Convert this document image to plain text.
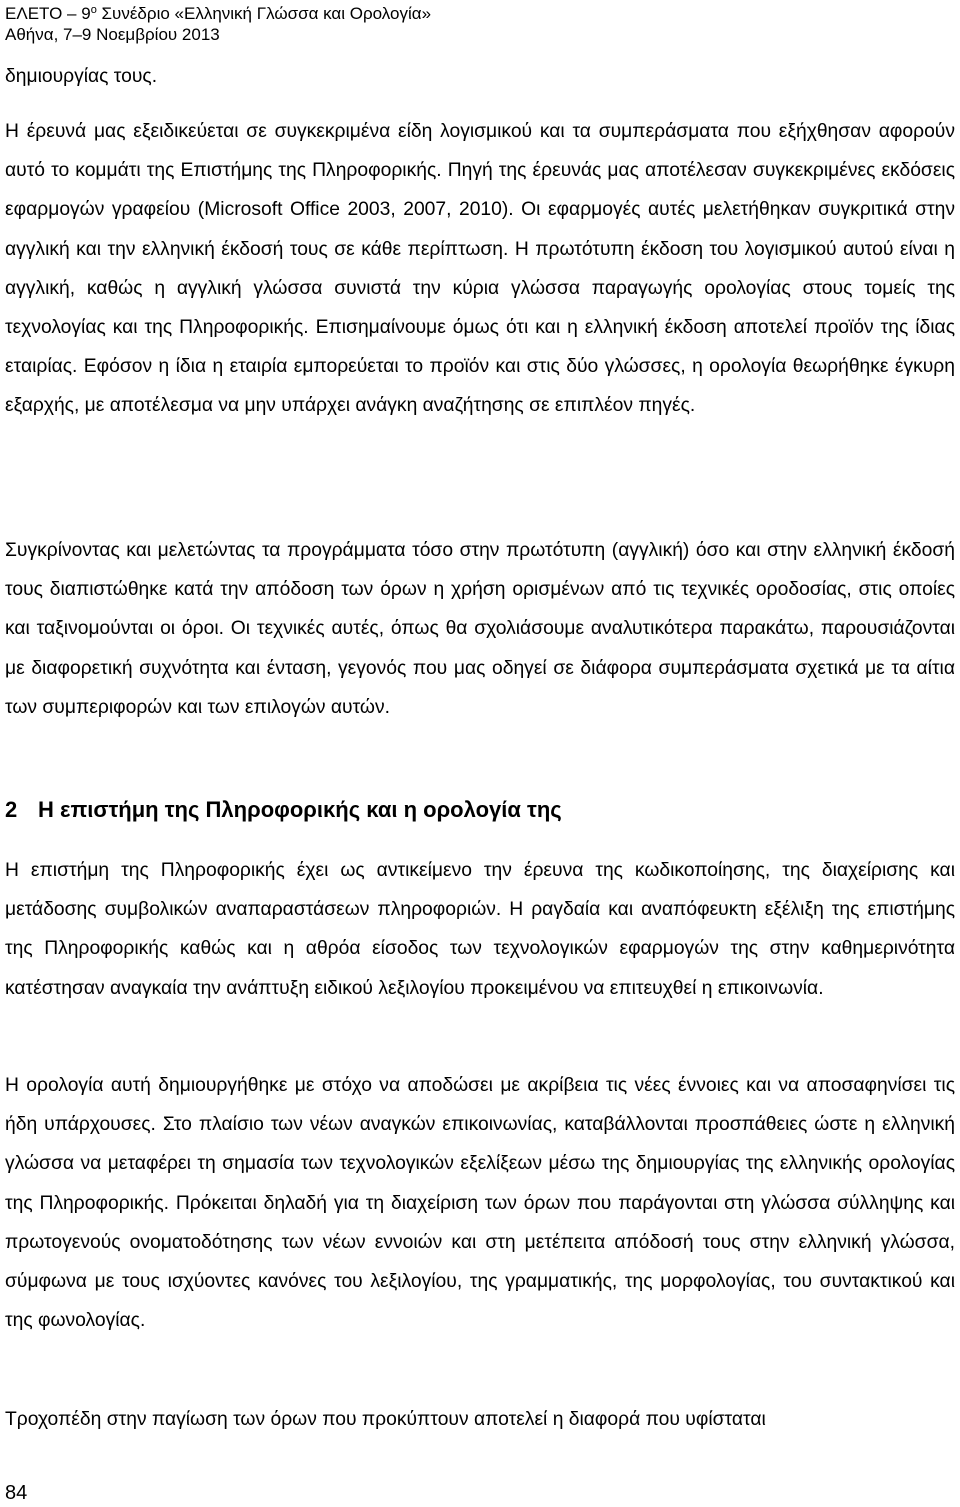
ΕΛΕΤΟ – $9^o$ Συνέδριο «Ελληνική Γλώσσα και Ορολογία»
Αθήνα, 7–9 Νοεμβρίου 2013

δημιουργίας τους.

Η έρευνά μας εξειδικεύεται σε συγκεκριμένα είδη λογισμικού και τα συμπεράσματα που εξήχθησαν αφορούν αυτό το κομμάτι της Επιστήμης της Πληροφορικής. Πηγή της έρευνάς μας αποτέλεσαν συγκεκριμένες εκδόσεις εφαρμογών γραφείου (Microsoft Office 2003, 2007, 2010). Οι εφαρμογές αυτές μελετήθηκαν συγκριτικά στην αγγλική και την ελληνική έκδοσή τους σε κάθε περίπτωση. Η πρωτότυπη έκδοση του λογισμικού αυτού είναι η αγγλική, καθώς η αγγλική γλώσσα συνιστά την κύρια γλώσσα παραγωγής ορολογίας στους τομείς της τεχνολογίας και της Πληροφορικής. Επισημαίνουμε όμως ότι και η ελληνική έκδοση αποτελεί προϊόν της ίδιας εταιρίας. Εφόσον η ίδια η εταιρία εμπορεύεται το προϊόν και στις δύο γλώσσες, η ορολογία θεωρήθηκε έγκυρη εξαρχής, με αποτέλεσμα να μην υπάρχει ανάγκη αναζήτησης σε επιπλέον πηγές.

Συγκρίνοντας και μελετώντας τα προγράμματα τόσο στην πρωτότυπη (αγγλική) όσο και στην ελληνική έκδοσή τους διαπιστώθηκε κατά την απόδοση των όρων η χρήση ορισμένων από τις τεχνικές οροδοσίας, στις οποίες και ταξινομούνται οι όροι. Οι τεχνικές αυτές, όπως θα σχολιάσουμε αναλυτικότερα παρακάτω, παρουσιάζονται με διαφορετική συχνότητα και ένταση, γεγονός που μας οδηγεί σε διάφορα συμπεράσματα σχετικά με τα αίτια των συμπεριφορών και των επιλογών αυτών.

2 Η επιστήμη της Πληροφορικής και η ορολογία της

Η επιστήμη της Πληροφορικής έχει ως αντικείμενο την έρευνα της κωδικοποίησης, της διαχείρισης και μετάδοσης συμβολικών αναπαραστάσεων πληροφοριών. Η ραγδαία και αναπόφευκτη εξέλιξη της επιστήμης της Πληροφορικής καθώς και η αθρόα είσοδος των τεχνολογικών εφαρμογών της στην καθημερινότητα κατέστησαν αναγκαία την ανάπτυξη ειδικού λεξιλογίου προκειμένου να επιτευχθεί η επικοινωνία.

Η ορολογία αυτή δημιουργήθηκε με στόχο να αποδώσει με ακρίβεια τις νέες έννοιες και να αποσαφηνίσει τις ήδη υπάρχουσες. Στο πλαίσιο των νέων αναγκών επικοινωνίας, καταβάλλονται προσπάθειες ώστε η ελληνική γλώσσα να μεταφέρει τη σημασία των τεχνολογικών εξελίξεων μέσω της δημιουργίας της ελληνικής ορολογίας της Πληροφορικής. Πρόκειται δηλαδή για τη διαχείριση των όρων που παράγονται στη γλώσσα σύλληψης και πρωτογενούς ονοματοδότησης των νέων εννοιών και στη μετέπειτα απόδοσή τους στην ελληνική γλώσσα, σύμφωνα με τους ισχύοντες κανόνες του λεξιλογίου, της γραμματικής, της μορφολογίας, του συντακτικού και της φωνολογίας.

Τροχοπέδη στην παγίωση των όρων που προκύπτουν αποτελεί η διαφορά που υφίσταται

84
